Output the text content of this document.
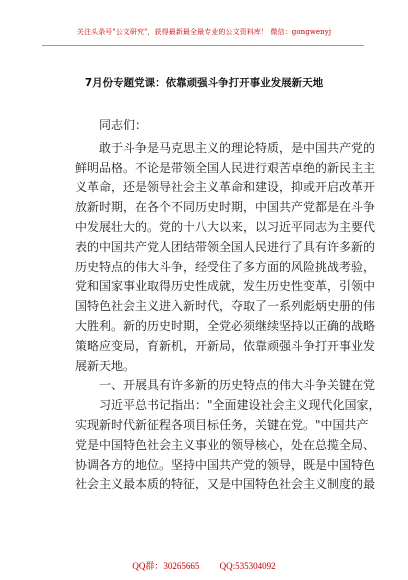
关注头条号"公文研究"，获得最新最全最专业的公文资料库！ 微信：gongwenyj
7月份专题党课：依靠顽强斗争打开事业发展新天地
同志们：
敢于斗争是马克思主义的理论特质，是中国共产党的
鲜明品格。不论是带领全国人民进行艰苦卓绝的新民主主
义革命，还是领导社会主义革命和建设，抑或开启改革开
放新时期，在各个不同历史时期，中国共产党都是在斗争
中发展壮大的。党的十八大以来，以习近平同志为主要代
表的中国共产党人团结带领全国人民进行了具有许多新的
历史特点的伟大斗争，经受住了多方面的风险挑战考验，
党和国家事业取得历史性成就，发生历史性变革，引领中
国特色社会主义进入新时代，夺取了一系列彪炳史册的伟
大胜利。新的历史时期，全党必须继续坚持以正确的战略
策略应变局，育新机，开新局，依靠顽强斗争打开事业发
展新天地。
一、开展具有许多新的历史特点的伟大斗争关键在党
习近平总书记指出："全面建设社会主义现代化国家，
实现新时代新征程各项目标任务，关键在党。"中国共产
党是中国特色社会主义事业的领导核心，处在总揽全局、
协调各方的地位。坚持中国共产党的领导，既是中国特色
社会主义最本质的特征，又是中国特色社会主义制度的最
QQ群：30265665 QQ:535304092
